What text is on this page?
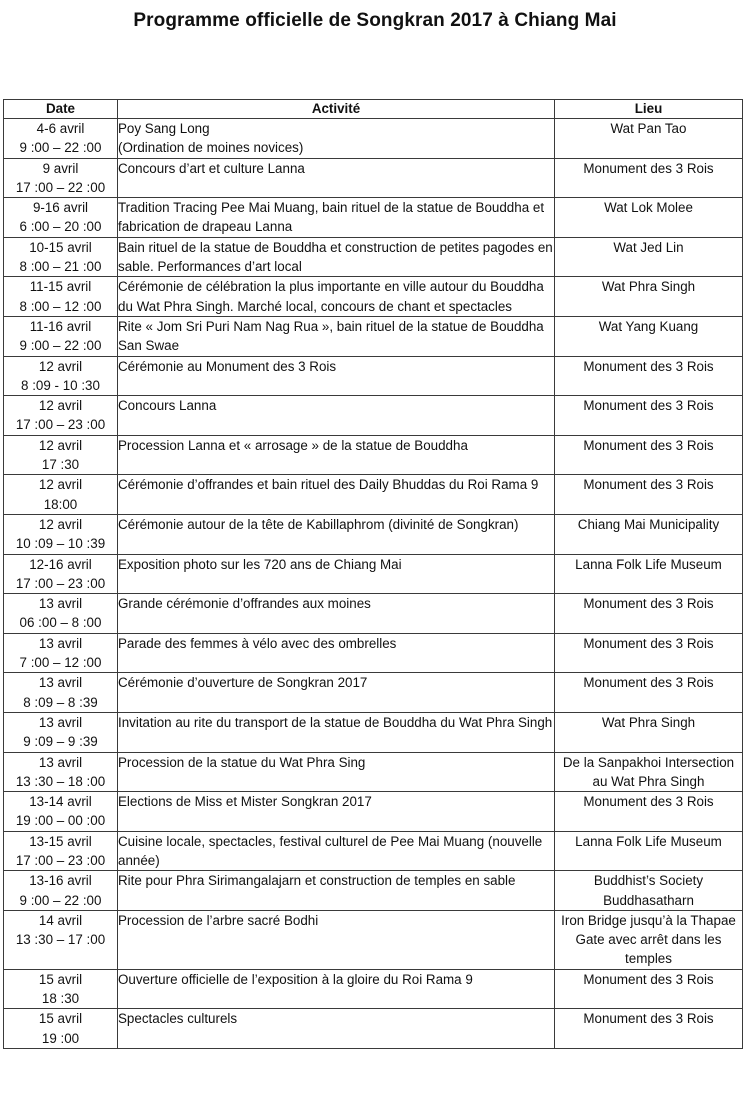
Programme officielle de Songkran 2017 à Chiang Mai
Date	Activité	Lieu

4-6 avril
9 :00 – 22 :00	Poy Sang Long
(Ordination de moines novices)	Wat Pan Tao

9 avril
17 :00 – 22 :00	Concours d’art et culture Lanna	Monument des 3 Rois

9-16 avril
6 :00 – 20 :00	Tradition Tracing Pee Mai Muang, bain rituel de la statue de Bouddha et fabrication de drapeau Lanna	Wat Lok Molee

10-15 avril
8 :00 – 21 :00	Bain rituel de la statue de Bouddha et construction de petites pagodes en sable. Performances d’art local	Wat Jed Lin

11-15 avril
8 :00 – 12 :00	Cérémonie de célébration la plus importante en ville autour du Bouddha du Wat Phra Singh. Marché local, concours de chant et spectacles	Wat Phra Singh

11-16 avril
9 :00 – 22 :00	Rite « Jom Sri Puri Nam Nag Rua », bain rituel de la statue de Bouddha San Swae	Wat Yang Kuang

12 avril
8 :09 - 10 :30	Cérémonie au Monument des 3 Rois	Monument des 3 Rois

12 avril
17 :00 – 23 :00	Concours Lanna	Monument des 3 Rois

12 avril
17 :30	Procession Lanna et « arrosage » de la statue de Bouddha	Monument des 3 Rois

12 avril
18:00	Cérémonie d’offrandes et bain rituel des Daily Bhuddas du Roi Rama 9	Monument des 3 Rois

12 avril
10 :09 – 10 :39	Cérémonie autour de la tête de Kabillaphrom (divinité de Songkran)	Chiang Mai Municipality

12-16 avril
17 :00 – 23 :00	Exposition photo sur les 720 ans de Chiang Mai	Lanna Folk Life Museum

13 avril
06 :00 – 8 :00	Grande cérémonie d’offrandes aux moines	Monument des 3 Rois

13 avril
7 :00 – 12 :00	Parade des femmes à vélo avec des ombrelles	Monument des 3 Rois

13 avril
8 :09 – 8 :39	Cérémonie d’ouverture de Songkran 2017	Monument des 3 Rois

13 avril
9 :09 – 9 :39	Invitation au rite du transport de la statue de Bouddha du Wat Phra Singh	Wat Phra Singh

13 avril
13 :30 – 18 :00	Procession de la statue du Wat Phra Sing	De la Sanpakhoi Intersection au Wat Phra Singh

13-14 avril
19 :00 – 00 :00	Elections de Miss et Mister Songkran 2017	Monument des 3 Rois

13-15 avril
17 :00 – 23 :00	Cuisine locale, spectacles, festival culturel de Pee Mai Muang (nouvelle année)	Lanna Folk Life Museum

13-16 avril
9 :00 – 22 :00	Rite pour Phra Sirimangalajarn et construction de temples en sable	Buddhist’s Society Buddhasatharn

14 avril
13 :30 – 17 :00	Procession de l’arbre sacré Bodhi	Iron Bridge jusqu’à la Thapae Gate avec arrêt dans les temples

15 avril
18 :30	Ouverture officielle de l’exposition à la gloire du Roi Rama 9	Monument des 3 Rois

15 avril
19 :00	Spectacles culturels	Monument des 3 Rois
